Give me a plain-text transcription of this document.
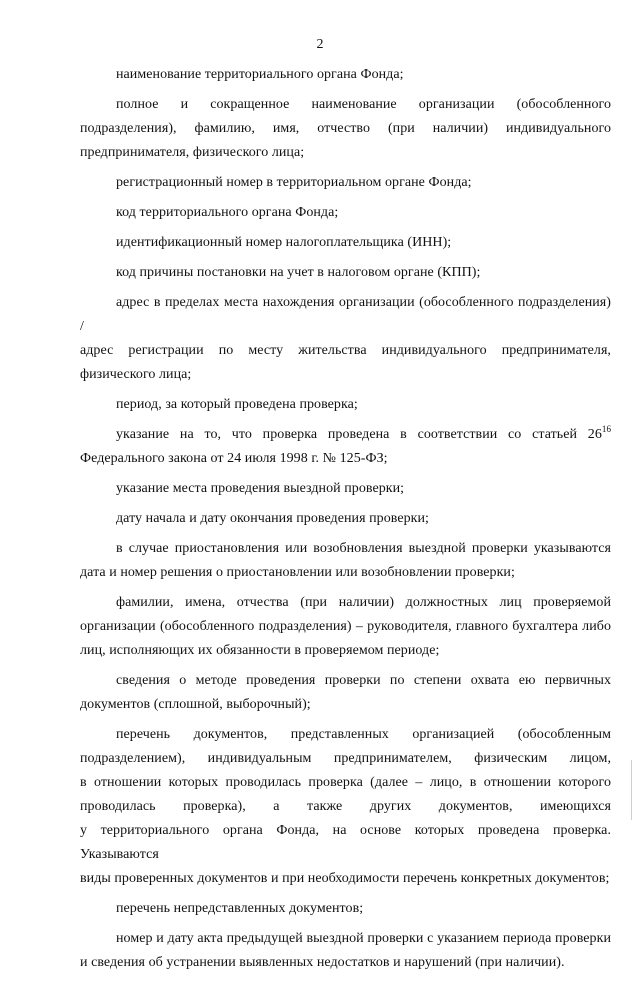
2

наименование территориального органа Фонда;

полное и сокращенное наименование организации (обособленного
подразделения), фамилию, имя, отчество (при наличии) индивидуального
предпринимателя, физического лица;

регистрационный номер в территориальном органе Фонда;

код территориального органа Фонда;

идентификационный номер налогоплательщика (ИНН);

код причины постановки на учет в налоговом органе (КПП);

адрес в пределах места нахождения организации (обособленного подразделения) /
адрес регистрации по месту жительства индивидуального предпринимателя,
физического лица;

период, за который проведена проверка;

указание на то, что проверка проведена в соответствии со статьей $26^{16}$
Федерального закона от 24 июля 1998 г. № 125-ФЗ;

указание места проведения выездной проверки;

дату начала и дату окончания проведения проверки;

в случае приостановления или возобновления выездной проверки указываются
дата и номер решения о приостановлении или возобновлении проверки;

фамилии, имена, отчества (при наличии) должностных лиц проверяемой
организации (обособленного подразделения) – руководителя, главного бухгалтера либо
лиц, исполняющих их обязанности в проверяемом периоде;

сведения о методе проведения проверки по степени охвата ею первичных
документов (сплошной, выборочный);

перечень документов, представленных организацией (обособленным
подразделением), индивидуальным предпринимателем, физическим лицом,
в отношении которых проводилась проверка (далее – лицо, в отношении которого
проводилась проверка), а также других документов, имеющихся
у территориального органа Фонда, на основе которых проведена проверка. Указываются
виды проверенных документов и при необходимости перечень конкретных документов;

перечень непредставленных документов;

номер и дату акта предыдущей выездной проверки с указанием периода проверки
и сведения об устранении выявленных недостатков и нарушений (при наличии).
